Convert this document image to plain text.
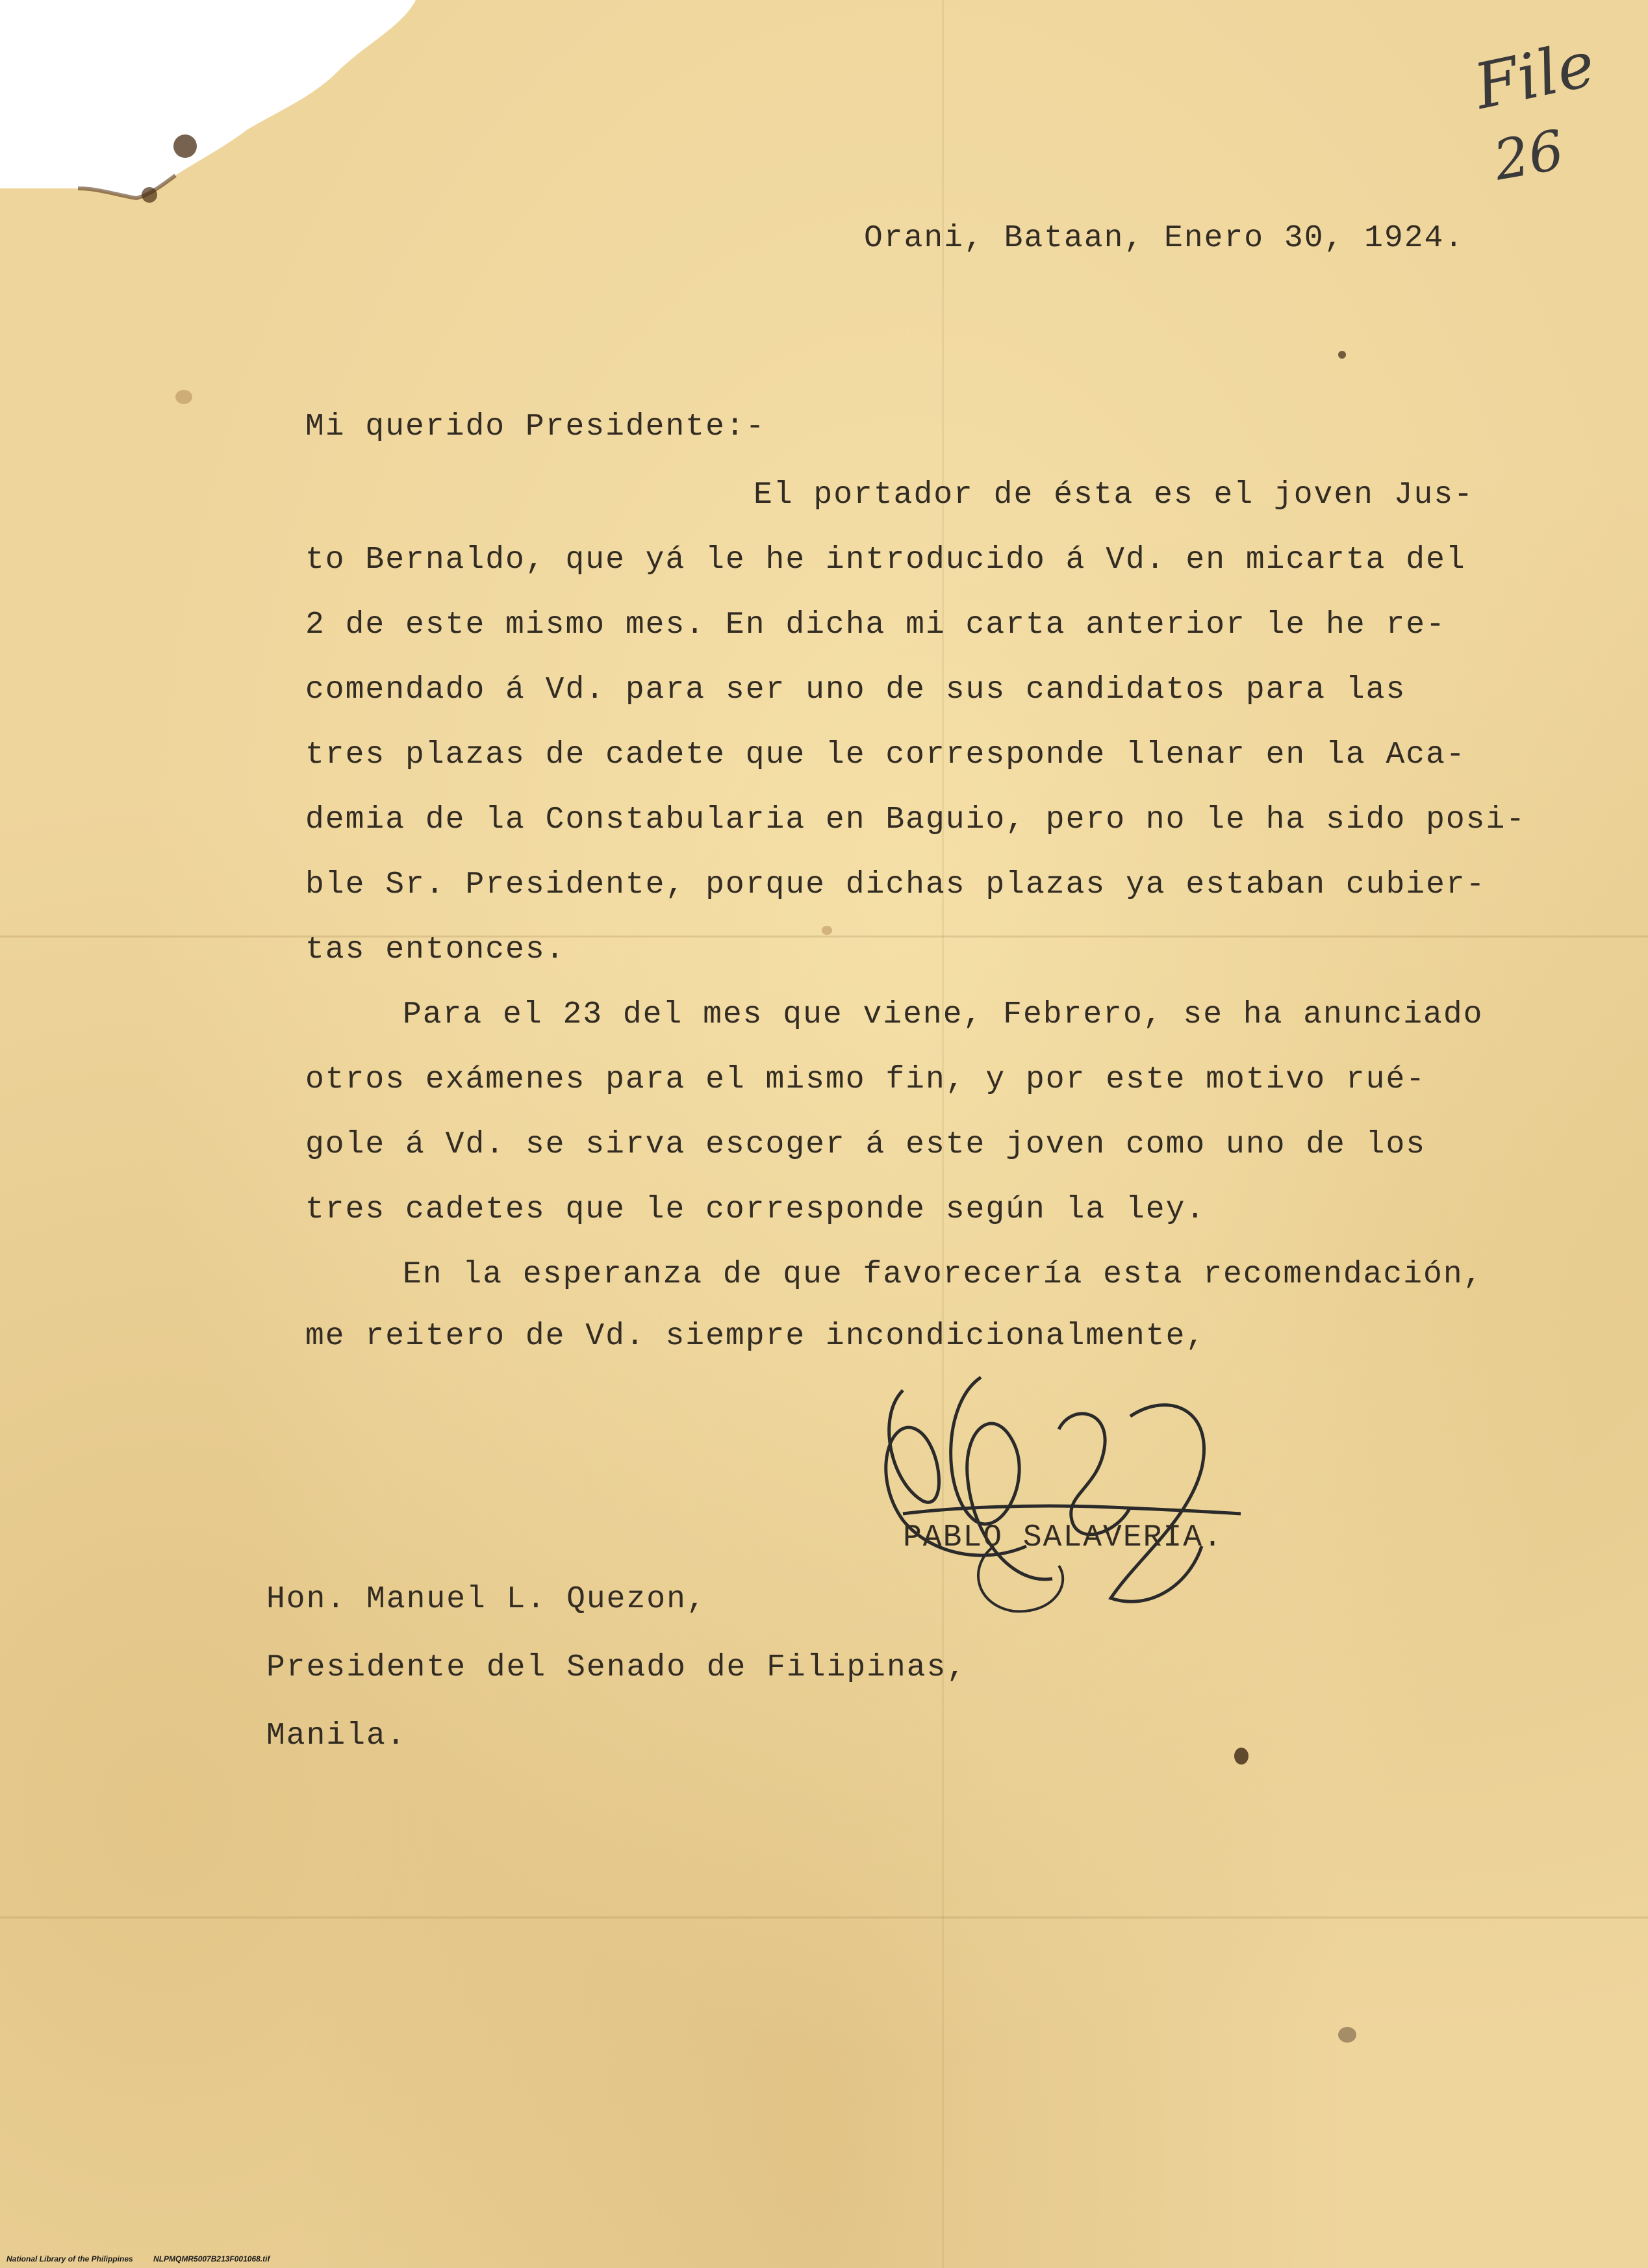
File
26
Orani, Bataan, Enero 30, 1924.
Mi querido Presidente:-
El portador de ésta es el joven Jus-
to Bernaldo, que yá le he introducido á Vd. en micarta del
2 de este mismo mes. En dicha mi carta anterior le he re-
comendado á Vd. para ser uno de sus candidatos para las
tres plazas de cadete que le corresponde llenar en la Aca-
demia de la Constabularia en Baguio, pero no le ha sido posi-
ble Sr. Presidente, porque dichas plazas ya estaban cubier-
tas entonces.
Para el 23 del mes que viene, Febrero, se ha anunciado
otros exámenes para el mismo fin, y por este motivo rué-
gole á Vd. se sirva escoger á este joven como uno de los
tres cadetes que le corresponde según la ley.
En la esperanza de que favorecería esta recomendación,
me reitero de Vd. siempre incondicionalmente,
PABLO SALAVERIA.
Hon. Manuel L. Quezon,
Presidente del Senado de Filipinas,
Manila.
National Library of the Philippines	NLPMQMR5007B213F001068.tif
